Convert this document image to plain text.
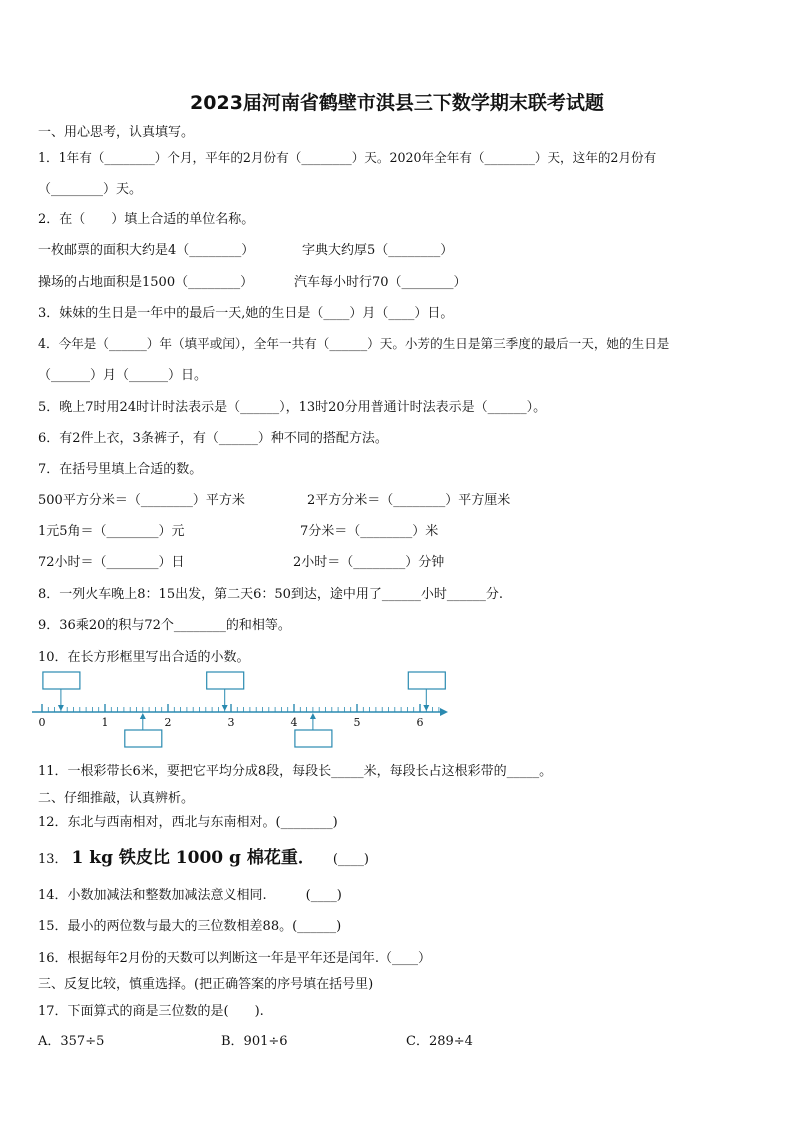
2023届河南省鹤壁市淇县三下数学期末联考试题
一、用心思考，认真填写。
1．1年有（________）个月，平年的2月份有（________）天。2020年全年有（________）天，这年的2月份有
（________）天。
2．在（　　）填上合适的单位名称。
一枚邮票的面积大约是4（________）	字典大约厚5（________）
操场的占地面积是1500（________）	汽车每小时行70（________）
3．妹妹的生日是一年中的最后一天,她的生日是（____）月（____）日。
4．今年是（______）年（填平或闰），全年一共有（______）天。小芳的生日是第三季度的最后一天，她的生日是
（______）月（______）日。
5．晚上7时用24时计时法表示是（______），13时20分用普通计时法表示是（______）。
6．有2件上衣，3条裤子，有（______）种不同的搭配方法。
7．在括号里填上合适的数。
500平方分米＝（________）平方米	2平方分米＝（________）平方厘米
1元5角＝（________）元	7分米＝（________）米
72小时＝（________）日	2小时＝（________）分钟
8．一列火车晚上8：15出发，第二天6：50到达，途中用了______小时______分.
9．36乘20的积与72个________的和相等。
10．在长方形框里写出合适的小数。
0	1	2	3	4	5	6
11．一根彩带长6米，要把它平均分成8段，每段长_____米，每段长占这根彩带的_____。
二、仔细推敲，认真辨析。
12．东北与西南相对，西北与东南相对。(________)
13． 1 kg 铁皮比 1000 g 棉花重． (____)
14．小数加减法和整数加减法意义相同.　　　(____)
15．最小的两位数与最大的三位数相差88。(______)
16．根据每年2月份的天数可以判断这一年是平年还是闰年.（____）
三、反复比较，慎重选择。(把正确答案的序号填在括号里)
17．下面算式的商是三位数的是(　　).
A．357÷5	B．901÷6	C．289÷4
